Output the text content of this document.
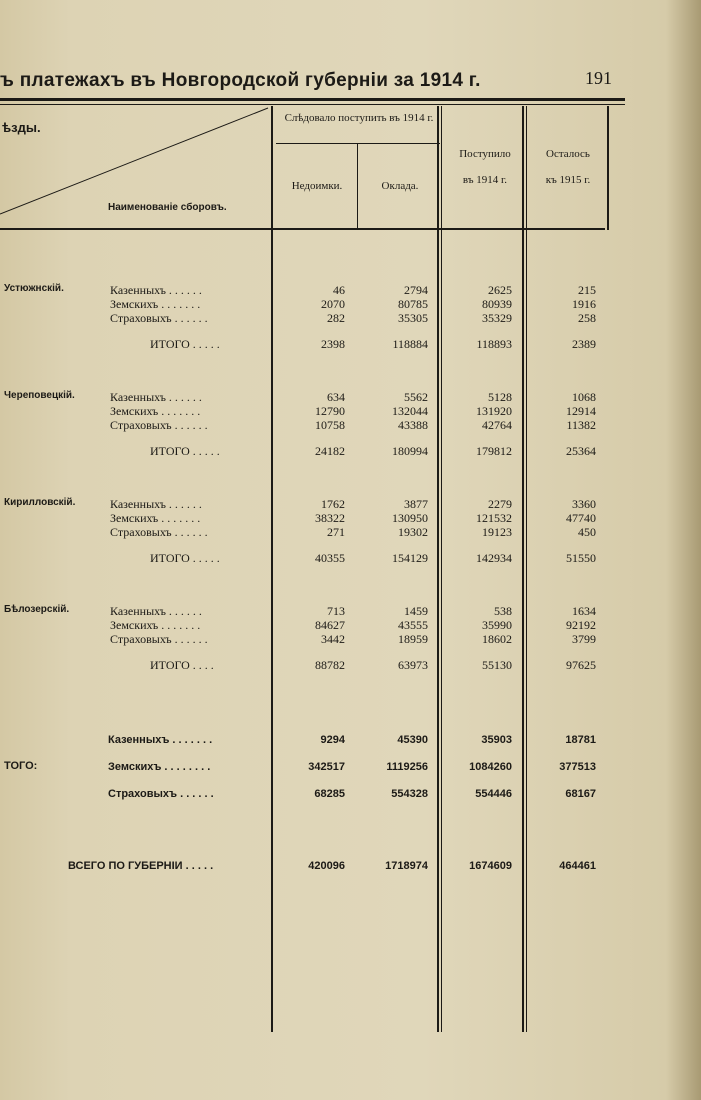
ъ платежахъ въ Новгородской губерніи за 1914 г.	191
ѣзды.
Наименованіе сборовъ.
Слѣдовало поступить въ 1914 г.
Недоимки.	Оклада.
Поступило
въ 1914 г.
Осталось
къ 1915 г.
Устюжнскій.	Казенныхъ . . . . . .	46	2794	2625	215
Земскихъ . . . . . . .	2070	80785	80939	1916
Страховыхъ . . . . . .	282	35305	35329	258
ИТОГО . . . . .	2398	118884	118893	2389
Череповецкій.	Казенныхъ . . . . . .	634	5562	5128	1068
Земскихъ . . . . . . .	12790	132044	131920	12914
Страховыхъ . . . . . .	10758	43388	42764	11382
ИТОГО . . . . .	24182	180994	179812	25364
Кирилловскій.	Казенныхъ . . . . . .	1762	3877	2279	3360
Земскихъ . . . . . . .	38322	130950	121532	47740
Страховыхъ . . . . . .	271	19302	19123	450
ИТОГО . . . . .	40355	154129	142934	51550
Бѣлозерскій.	Казенныхъ . . . . . .	713	1459	538	1634
Земскихъ . . . . . . .	84627	43555	35990	92192
Страховыхъ . . . . . .	3442	18959	18602	3799
ИТОГО . . . .	88782	63973	55130	97625
ТОГО:
Казенныхъ . . . . . . .	9294	45390	35903	18781
Земскихъ . . . . . . . .	342517	1119256	1084260	377513
Страховыхъ . . . . . .	68285	554328	554446	68167
ВСЕГО ПО ГУБЕРНІИ . . . . .	420096	1718974	1674609	464461
